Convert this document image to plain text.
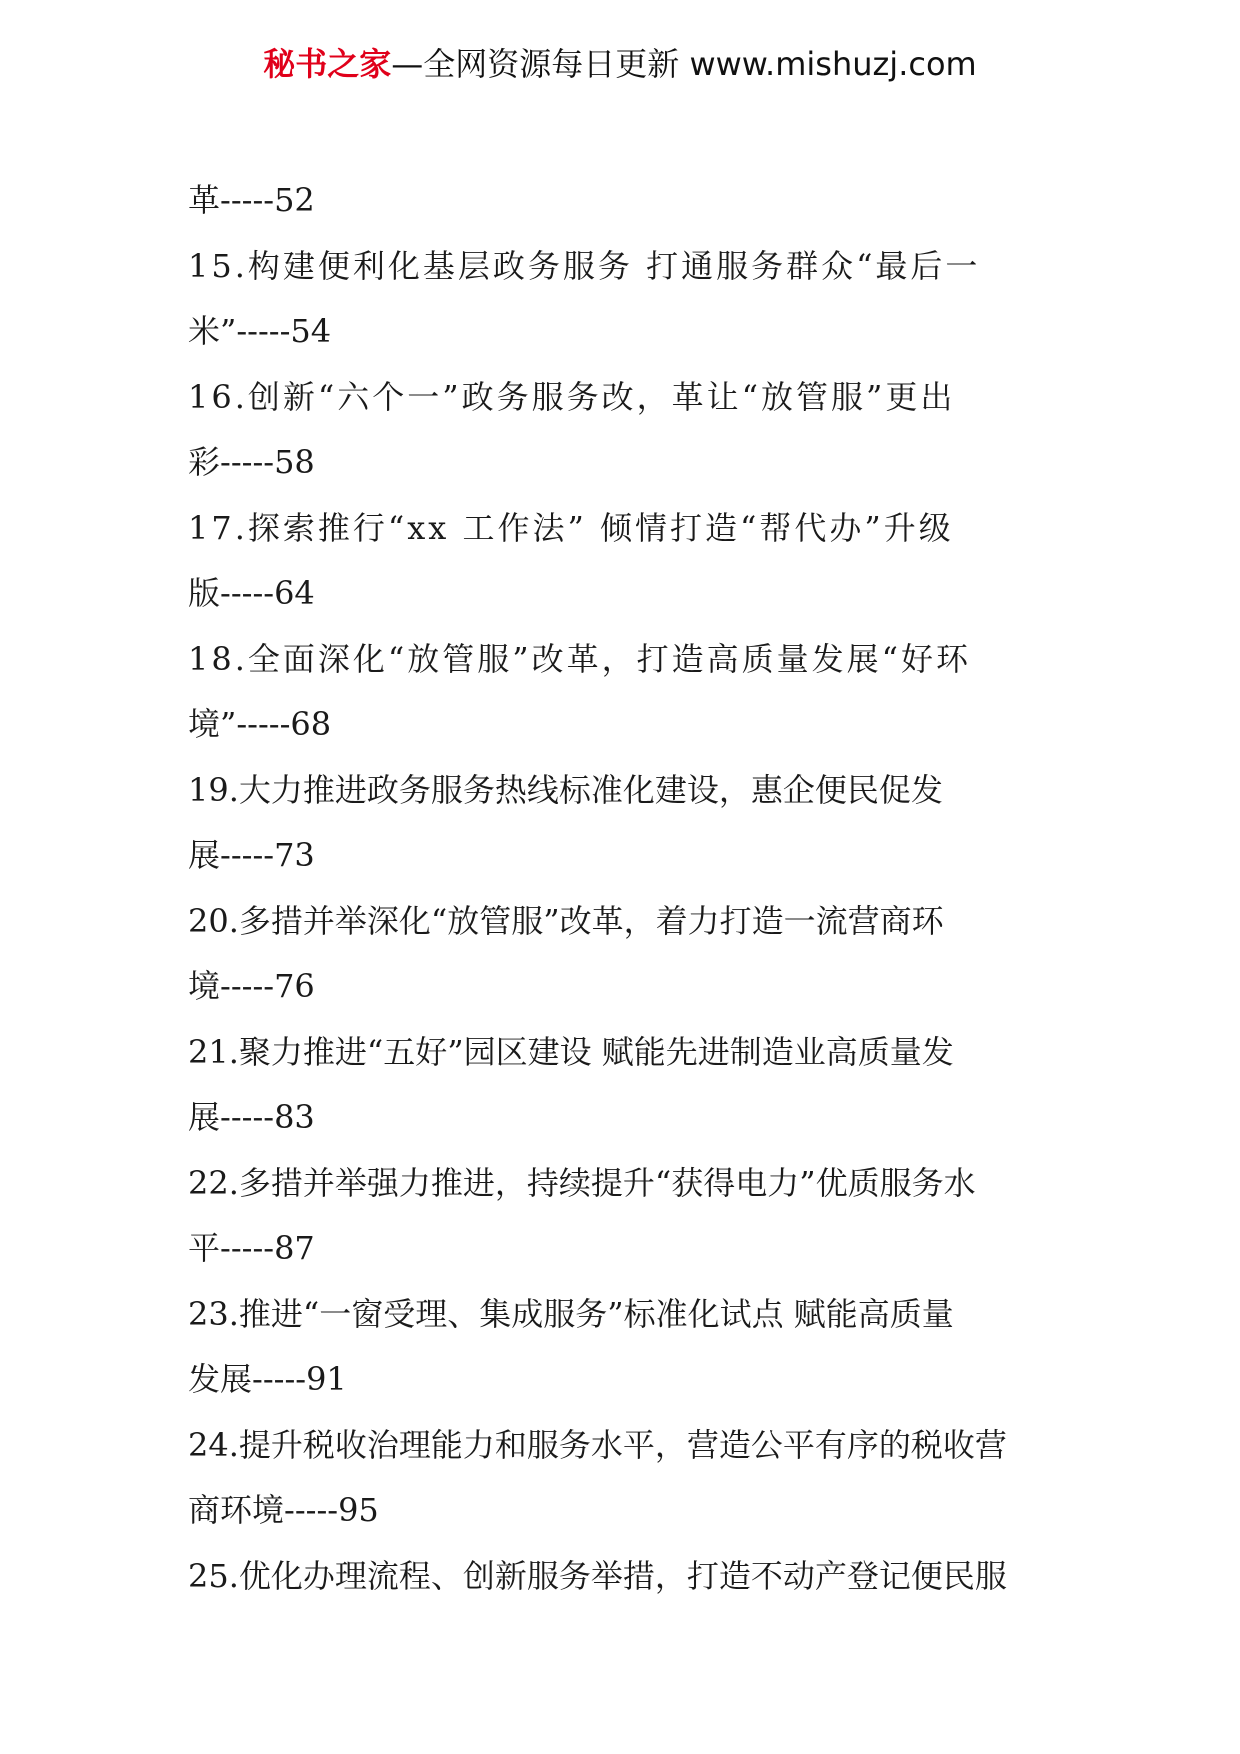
秘书之家—全网资源每日更新 www.mishuzj.com
革-----52
15.构建便利化基层政务服务 打通服务群众“最后一
米”-----54
16.创新“六个一”政务服务改，革让“放管服”更出
彩-----58
17.探索推行“xx 工作法” 倾情打造“帮代办”升级
版-----64
18.全面深化“放管服”改革，打造高质量发展“好环
境”-----68
19.大力推进政务服务热线标准化建设，惠企便民促发
展-----73
20.多措并举深化“放管服”改革，着力打造一流营商环
境-----76
21.聚力推进“五好”园区建设 赋能先进制造业高质量发
展-----83
22.多措并举强力推进，持续提升“获得电力”优质服务水
平-----87
23.推进“一窗受理、集成服务”标准化试点 赋能高质量
发展-----91
24.提升税收治理能力和服务水平，营造公平有序的税收营
商环境-----95
25.优化办理流程、创新服务举措，打造不动产登记便民服
